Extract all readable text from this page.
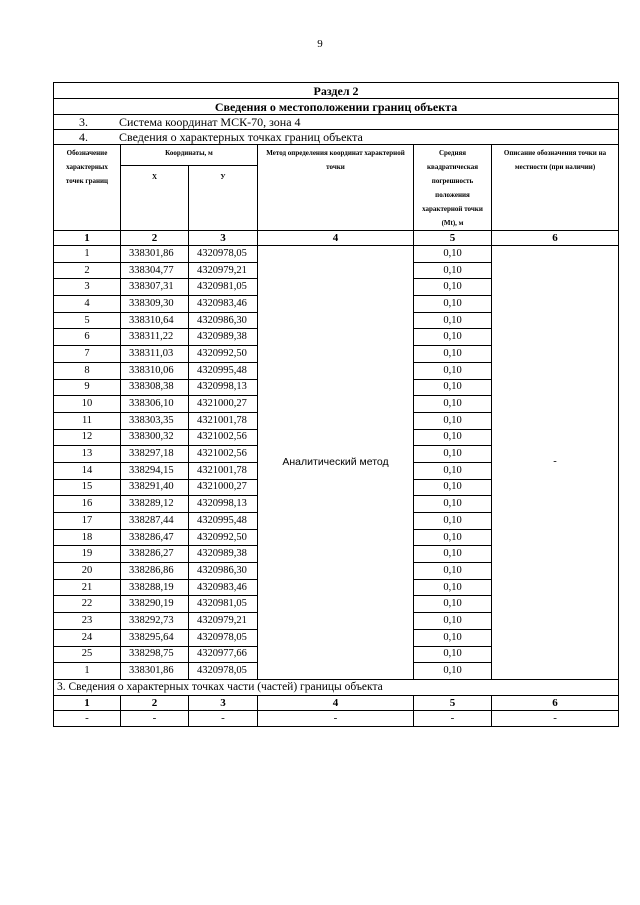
9
Раздел 2					
Сведения о местоположении границ объекта					
3. Система координат МСК-70, зона 4					
4. Сведения о характерных точках границ объекта					
Обозначение характерных точек границ	Координаты, м		Метод определения координат характерной точки	Средняя квадратическая погрешность положения характерной точки (Mt), м	Описание обозначения точки на местности (при наличии)
	X	У			
1	2	3	4	5	6
1	338301,86	4320978,05	Аналитический метод	0,10	-
2	338304,77	4320979,21		0,10	
3	338307,31	4320981,05		0,10	
4	338309,30	4320983,46		0,10	
5	338310,64	4320986,30		0,10	
6	338311,22	4320989,38		0,10	
7	338311,03	4320992,50		0,10	
8	338310,06	4320995,48		0,10	
9	338308,38	4320998,13		0,10	
10	338306,10	4321000,27		0,10	
11	338303,35	4321001,78		0,10	
12	338300,32	4321002,56		0,10	
13	338297,18	4321002,56		0,10	
14	338294,15	4321001,78		0,10	
15	338291,40	4321000,27		0,10	
16	338289,12	4320998,13		0,10	
17	338287,44	4320995,48		0,10	
18	338286,47	4320992,50		0,10	
19	338286,27	4320989,38		0,10	
20	338286,86	4320986,30		0,10	
21	338288,19	4320983,46		0,10	
22	338290,19	4320981,05		0,10	
23	338292,73	4320979,21		0,10	
24	338295,64	4320978,05		0,10	
25	338298,75	4320977,66		0,10	
1	338301,86	4320978,05		0,10	
3. Сведения о характерных точках части (частей) границы объекта					
1	2	3	4	5	6
-	-	-	-	-	-
